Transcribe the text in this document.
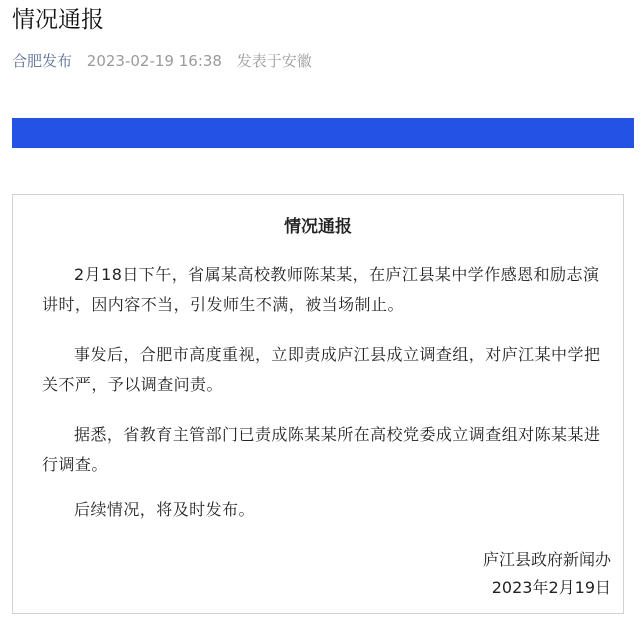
情况通报
合肥发布 2023-02-19 16:38 发表于安徽
情况通报

2月18日下午，省属某高校教师陈某某，在庐江县某中学作感恩和励志演讲时，因内容不当，引发师生不满，被当场制止。

事发后，合肥市高度重视，立即责成庐江县成立调查组，对庐江某中学把关不严，予以调查问责。

据悉，省教育主管部门已责成陈某某所在高校党委成立调查组对陈某某进行调查。

后续情况，将及时发布。

庐江县政府新闻办
2023年2月19日
